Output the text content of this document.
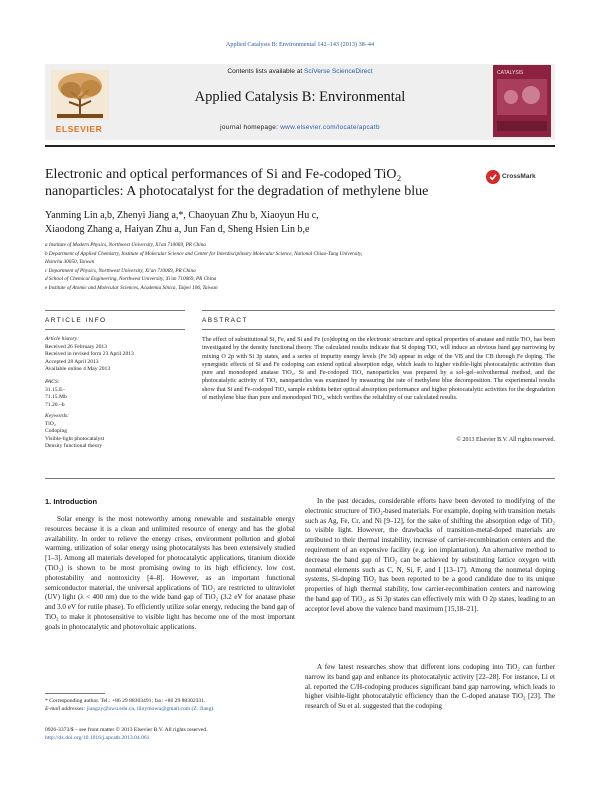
Applied Catalysis B: Environmental 142–143 (2013) 38–44
ELSEVIER
Contents lists available at SciVerse ScienceDirect
Applied Catalysis B: Environmental
journal homepage: www.elsevier.com/locate/apcatb
CATALYSIS
Electronic and optical performances of Si and Fe-codoped TiO₂ nanoparticles: A photocatalyst for the degradation of methylene blue
CrossMark
Yanming Lin a,b, Zhenyi Jiang a,*, Chaoyuan Zhu b, Xiaoyun Hu c,
Xiaodong Zhang a, Haiyan Zhu a, Jun Fan d, Sheng Hsien Lin b,e
a Institute of Modern Physics, Northwest University, Xi'an 710069, PR China
b Department of Applied Chemistry, Institute of Molecular Science and Center for Interdisciplinary Molecular Science, National Chiao-Tung University,
Hsinchu 30050, Taiwan
c Department of Physics, Northwest University, Xi'an 710069, PR China
d School of Chemical Engineering, Northwest University, Xi'an 710069, PR China
e Institute of Atomic and Molecular Sciences, Academia Sinica, Taipei 106, Taiwan
ARTICLE INFO
Article history:
Received 26 February 2013
Received in revised form 23 April 2013
Accepted 28 April 2013
Available online 4 May 2013
PACS:
31.15.E–
71.15.Mb
71.20.–b
Keywords:
TiO₂
Codoping
Visible-light photocatalyst
Density functional theory
ABSTRACT
The effect of substitutional Si, Fe, and Si and Fe (co)doping on the electronic structure and optical properties of anatase and rutile TiO₂ has been investigated by the density functional theory. The calculated results indicate that Si doping TiO₂ will induce an obvious band gap narrowing by mixing O 2p with Si 3p states, and a series of impurity energy levels (Fe 3d) appear in edge of the VB and the CB through Fe doping. The synergistic effects of Si and Fe codoping can extend optical absorption edge, which leads to higher visible-light photocatalytic activities than pure and monodoped anatase TiO₂. Si and Fe-codoped TiO₂ nanoparticles was prepared by a sol–gel–solvothermal method, and the photocatalytic activity of TiO₂ nanoparticles was examined by measuring the rate of methylene blue decomposition. The experimental results show that Si and Fe-codoped TiO₂ sample exhibits better optical absorption performance and higher photocatalytic activities for the degradation of methylene blue than pure and monodoped TiO₂, which verifies the reliability of our calculated results.
© 2013 Elsevier B.V. All rights reserved.
1. Introduction
Solar energy is the most noteworthy among renewable and sustainable energy resources because it is a clean and unlimited resource of energy and has the global availability. In order to relieve the energy crises, environment pollution and global warming, utilization of solar energy using photocatalysts has been extensively studied [1–3]. Among all materials developed for photocatalytic applications, titanium dioxide (TiO₂) is shown to be most promising owing to its high efficiency, low cost, photostability and nontoxicity [4–8]. However, as an important functional semiconductor material, the universal applications of TiO₂ are restricted to ultraviolet (UV) light (λ < 400 nm) due to the wide band gap of TiO₂ (3.2 eV for anatase phase and 3.0 eV for rutile phase). To efficiently utilize solar energy, reducing the band gap of TiO₂ to make it photosensitive to visible light has become one of the most important goals in photocatalytic and photovoltaic applications.
In the past decades, considerable efforts have been devoted to modifying of the electronic structure of TiO₂-based materials. For example, doping with transition metals such as Ag, Fe, Cr, and Ni [9–12], for the sake of shifting the absorption edge of TiO₂ to visible light. However, the drawbacks of transition-metal-doped materials are attributed to their thermal instability, increase of carrier-recombination centers and the requirement of an expensive facility (e.g. ion implantation). An alternative method to decrease the band gap of TiO₂ can be achieved by substituting lattice oxygen with nonmetal elements such as C, N, Si, F, and I [13–17]. Among the nonmetal doping systems, Si-doping TiO₂ has been reported to be a good candidate due to its unique properties of high thermal stability, low carrier-recombination centers and narrowing the band gap of TiO₂, as Si 3p states can effectively mix with O 2p states, leading to an acceptor level above the valence band maximum [15,18–21].
A few latest researches show that different ions codoping into TiO₂ can further narrow its band gap and enhance its photocatalytic activity [22–28]. For instance, Li et al. reported the C/H-codoping produces significant band gap narrowing, which leads to higher visible-light photocatalytic efficiency than the C-doped anatase TiO₂ [23]. The research of Su et al. suggested that the codoping
* Corresponding author. Tel.: +86 29 88303491; fax: +86 29 88302331.
E-mail addresses: jiangzy@nwu.edu.cn, lilnymowu@gmail.com (Z. Jiang).
0926-3373/$ – see front matter © 2013 Elsevier B.V. All rights reserved.
http://dx.doi.org/10.1016/j.apcatb.2013.04.061
